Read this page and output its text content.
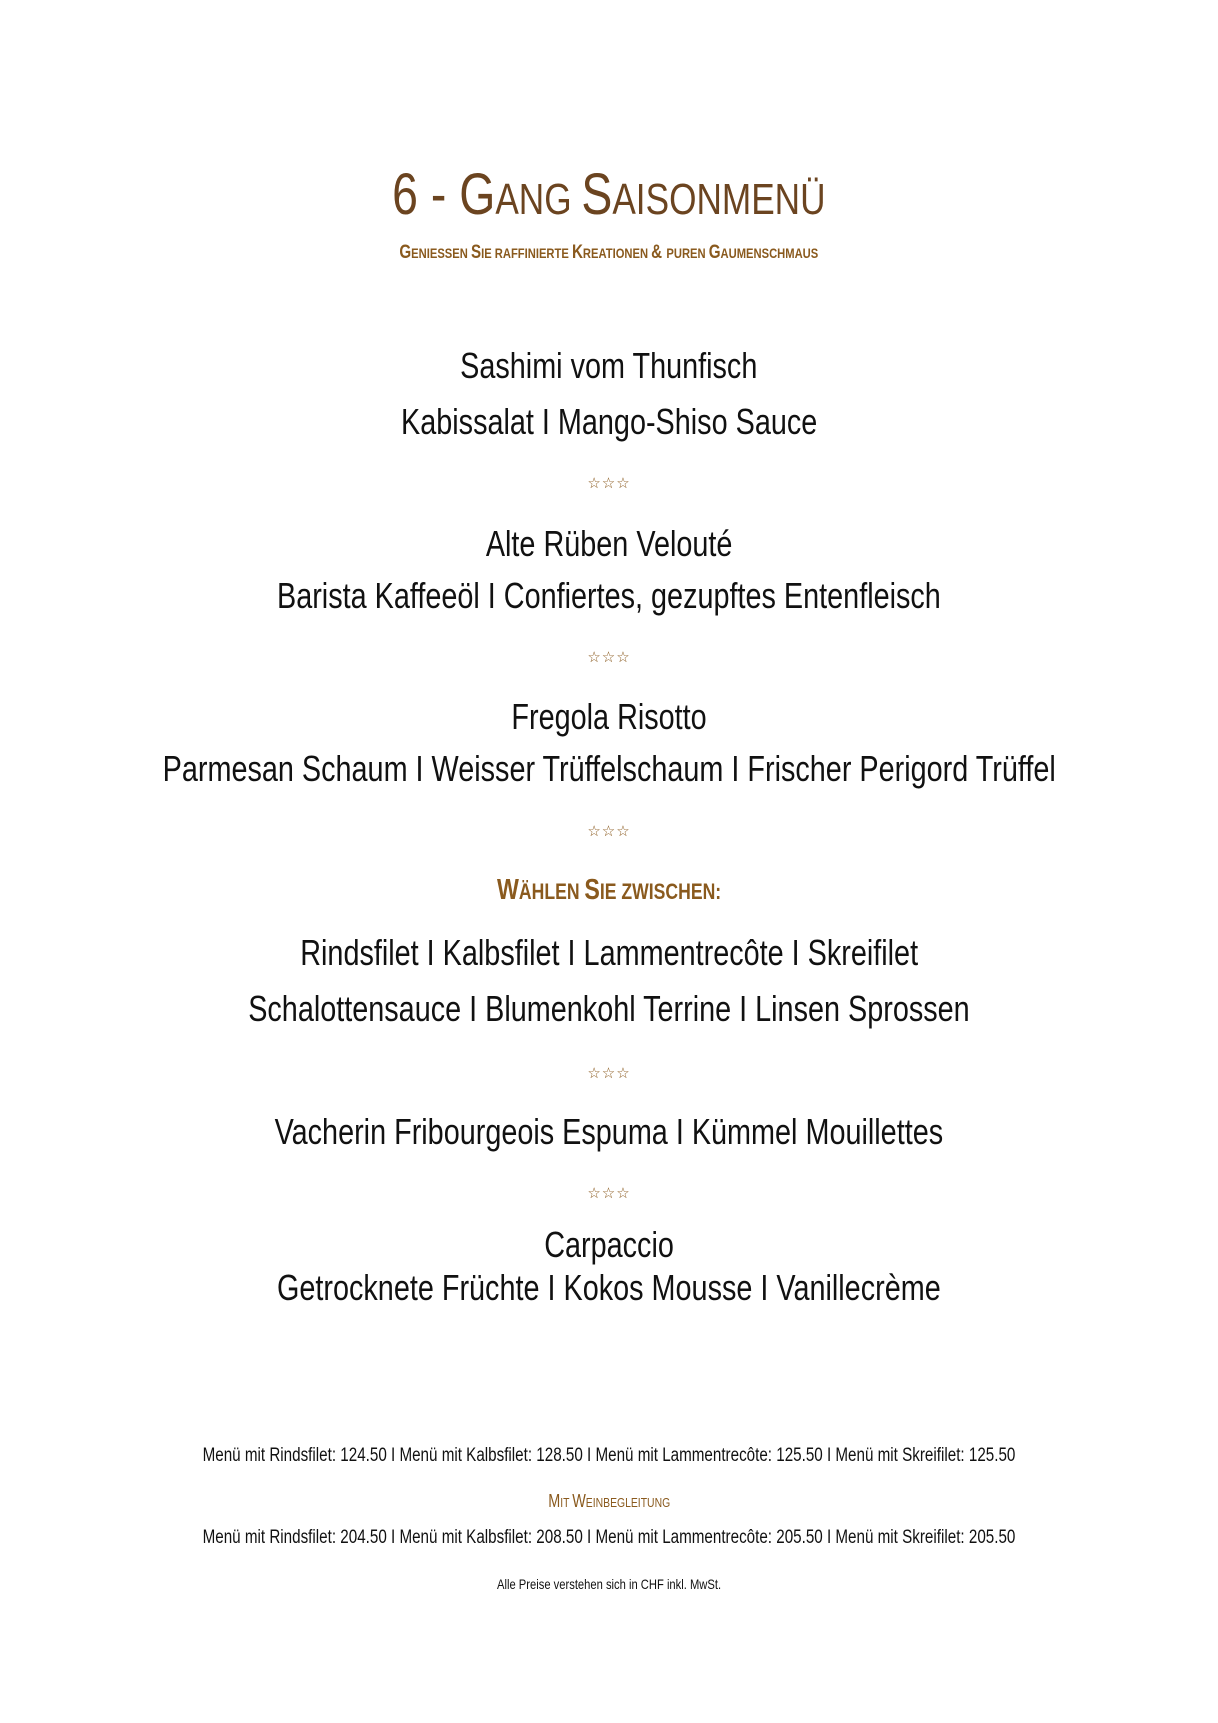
6 - GANG SAISONMENÜ
GENIESSEN SIE RAFFINIERTE KREATIONEN & PUREN GAUMENSCHMAUS
Sashimi vom Thunfisch
Kabissalat I Mango-Shiso Sauce
☆☆☆
Alte Rüben Velouté
Barista Kaffeeöl I Confiertes, gezupftes Entenfleisch
☆☆☆
Fregola Risotto
Parmesan Schaum I Weisser Trüffelschaum I Frischer Perigord Trüffel
☆☆☆
WÄHLEN SIE ZWISCHEN:
Rindsfilet I Kalbsfilet I Lammentrecôte I Skreifilet
Schalottensauce I Blumenkohl Terrine I Linsen Sprossen
☆☆☆
Vacherin Fribourgeois Espuma I Kümmel Mouillettes
☆☆☆
Carpaccio
Getrocknete Früchte I Kokos Mousse I Vanillecrème
Menü mit Rindsfilet: 124.50 I Menü mit Kalbsfilet: 128.50 I Menü mit Lammentrecôte: 125.50 I Menü mit Skreifilet: 125.50
MIT WEINBEGLEITUNG
Menü mit Rindsfilet: 204.50 I Menü mit Kalbsfilet: 208.50 I Menü mit Lammentrecôte: 205.50 I Menü mit Skreifilet: 205.50
Alle Preise verstehen sich in CHF inkl. MwSt.
